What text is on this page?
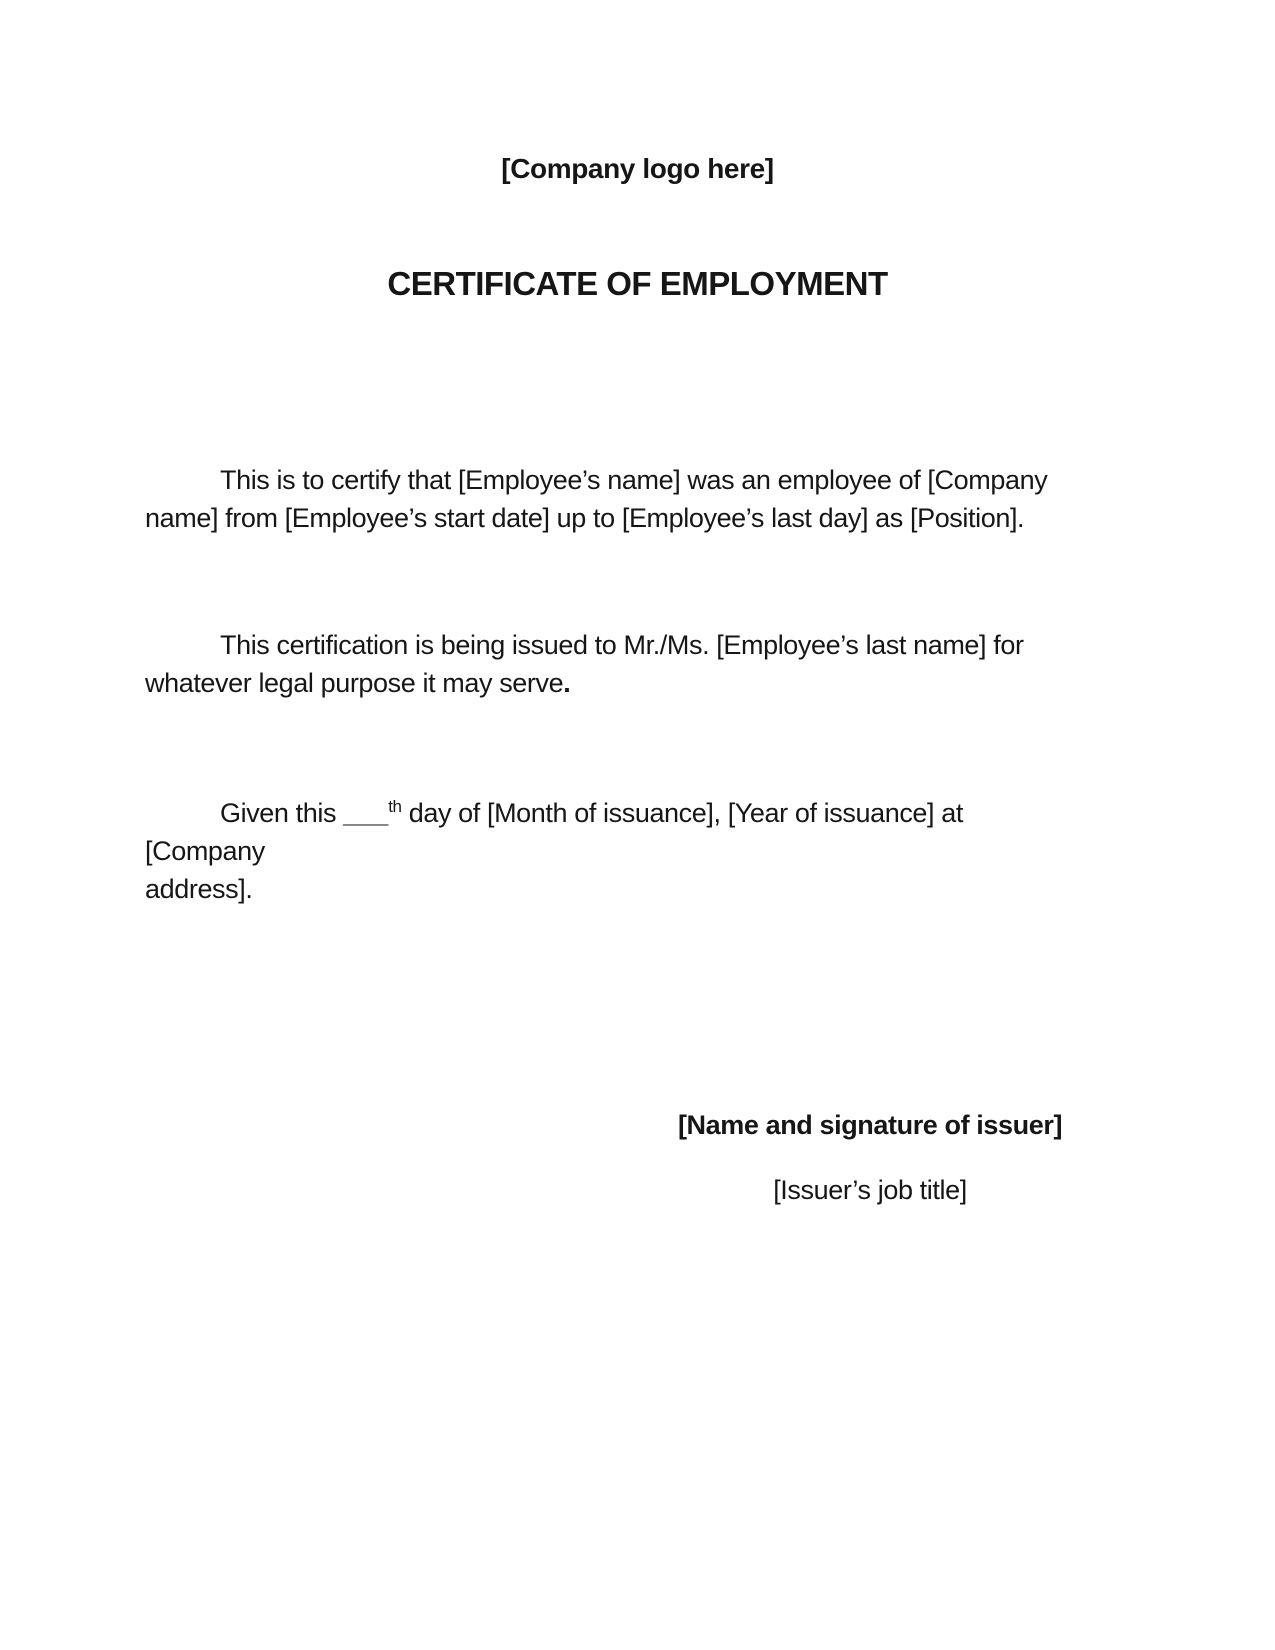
[Company logo here]
CERTIFICATE OF EMPLOYMENT

This is to certify that [Employee’s name] was an employee of [Company
name] from [Employee’s start date] up to [Employee’s last day] as [Position].

This certification is being issued to Mr./Ms. [Employee’s last name] for
whatever legal purpose it may serve.

Given this ___$^{th}$ day of [Month of issuance], [Year of issuance] at [Company
address].

[Name and signature of issuer]
[Issuer’s job title]
